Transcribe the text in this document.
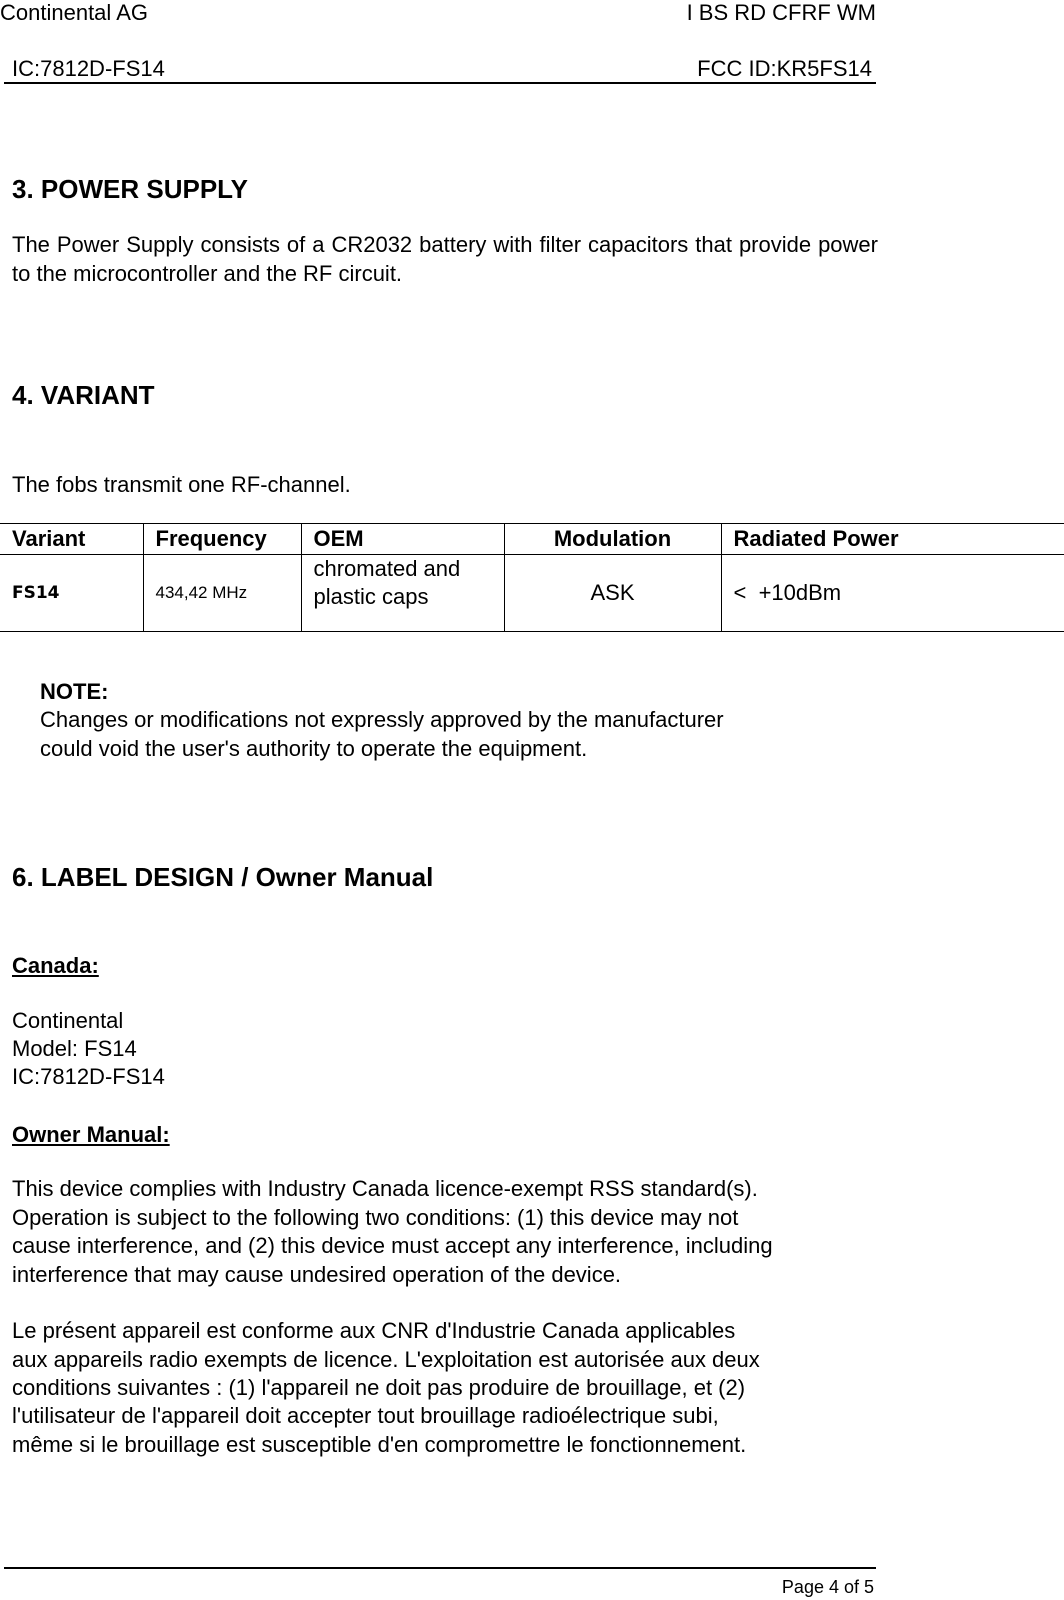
Continental AG	I BS RD CFRF WM
IC:7812D-FS14	FCC ID:KR5FS14
3. POWER SUPPLY
The Power Supply consists of a CR2032 battery with filter capacitors that provide power to the microcontroller and the RF circuit.
4. VARIANT
The fobs transmit one RF-channel.
Variant	Frequency	OEM	Modulation	Radiated Power
FS14	434,42 MHz	chromated and plastic caps	ASK	<  +10dBm
NOTE:
Changes or modifications not expressly approved by the manufacturer
could void the user's authority to operate the equipment.
6. LABEL DESIGN / Owner Manual
Canada:
Continental
Model: FS14
IC:7812D-FS14
Owner Manual:
This device complies with Industry Canada licence-exempt RSS standard(s).
Operation is subject to the following two conditions: (1) this device may not
cause interference, and (2) this device must accept any interference, including
interference that may cause undesired operation of the device.
Le présent appareil est conforme aux CNR d'Industrie Canada applicables
aux appareils radio exempts de licence. L'exploitation est autorisée aux deux
conditions suivantes : (1) l'appareil ne doit pas produire de brouillage, et (2)
l'utilisateur de l'appareil doit accepter tout brouillage radioélectrique subi,
même si le brouillage est susceptible d'en compromettre le fonctionnement.
Page 4 of 5
